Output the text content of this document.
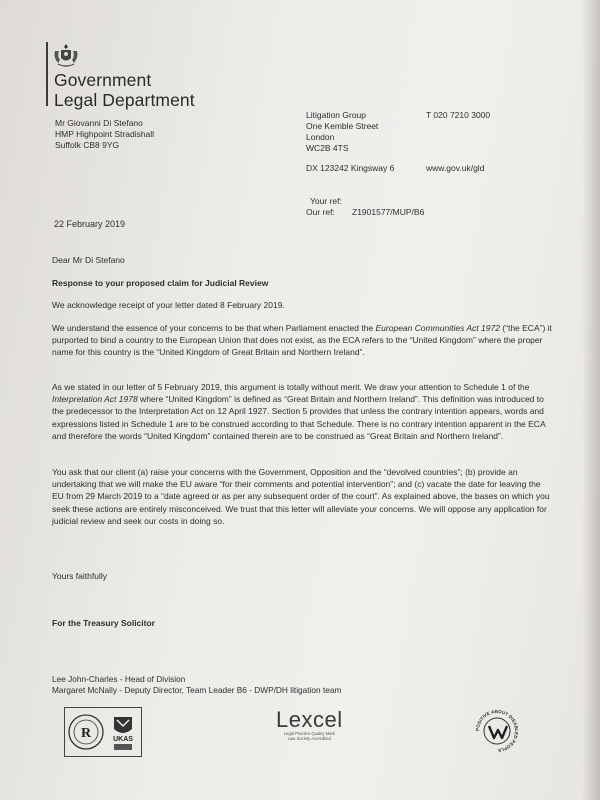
Government
Legal Department
Mr Giovanni Di Stefano
HMP Highpoint Stradishall
Suffolk CB8 9YG
Litigation Group
One Kemble Street
London
WC2B 4TS
T 020 7210 3000
DX 123242 Kingsway 6	www.gov.uk/gld
Your ref:
Our ref: Z1901577/MUP/B6
22 February 2019
Dear Mr Di Stefano
Response to your proposed claim for Judicial Review
We acknowledge receipt of your letter dated 8 February 2019.
We understand the essence of your concerns to be that when Parliament enacted the European Communities Act 1972 (“the ECA”) it purported to bind a country to the European Union that does not exist, as the ECA refers to the “United Kingdom” where the proper name for this country is the “United Kingdom of Great Britain and Northern Ireland”.
As we stated in our letter of 5 February 2019, this argument is totally without merit. We draw your attention to Schedule 1 of the Interpretation Act 1978 where “United Kingdom” is defined as “Great Britain and Northern Ireland”. This definition was introduced to the predecessor to the Interpretation Act on 12 April 1927. Section 5 provides that unless the contrary intention appears, words and expressions listed in Schedule 1 are to be construed according to that Schedule. There is no contrary intention apparent in the ECA and therefore the words “United Kingdom” contained therein are to be construed as “Great Britain and Northern Ireland”.
You ask that our client (a) raise your concerns with the Government, Opposition and the “devolved countries”; (b) provide an undertaking that we will make the EU aware “for their comments and potential intervention”; and (c) vacate the date for leaving the EU from 29 March 2019 to a “date agreed or as per any subsequent order of the court”. As explained above, the bases on which you seek these actions are entirely misconceived. We trust that this letter will alleviate your concerns. We will oppose any application for judicial review and seek our costs in doing so.
Yours faithfully
For the Treasury Solicitor
Lee John-Charles - Head of Division
Margaret McNally - Deputy Director, Team Leader B6 - DWP/DH litigation team
R	UKAS
Lexcel
Legal Practice Quality Mark
Law Society Accredited
POSITIVE ABOUT DISABLED PEOPLE
